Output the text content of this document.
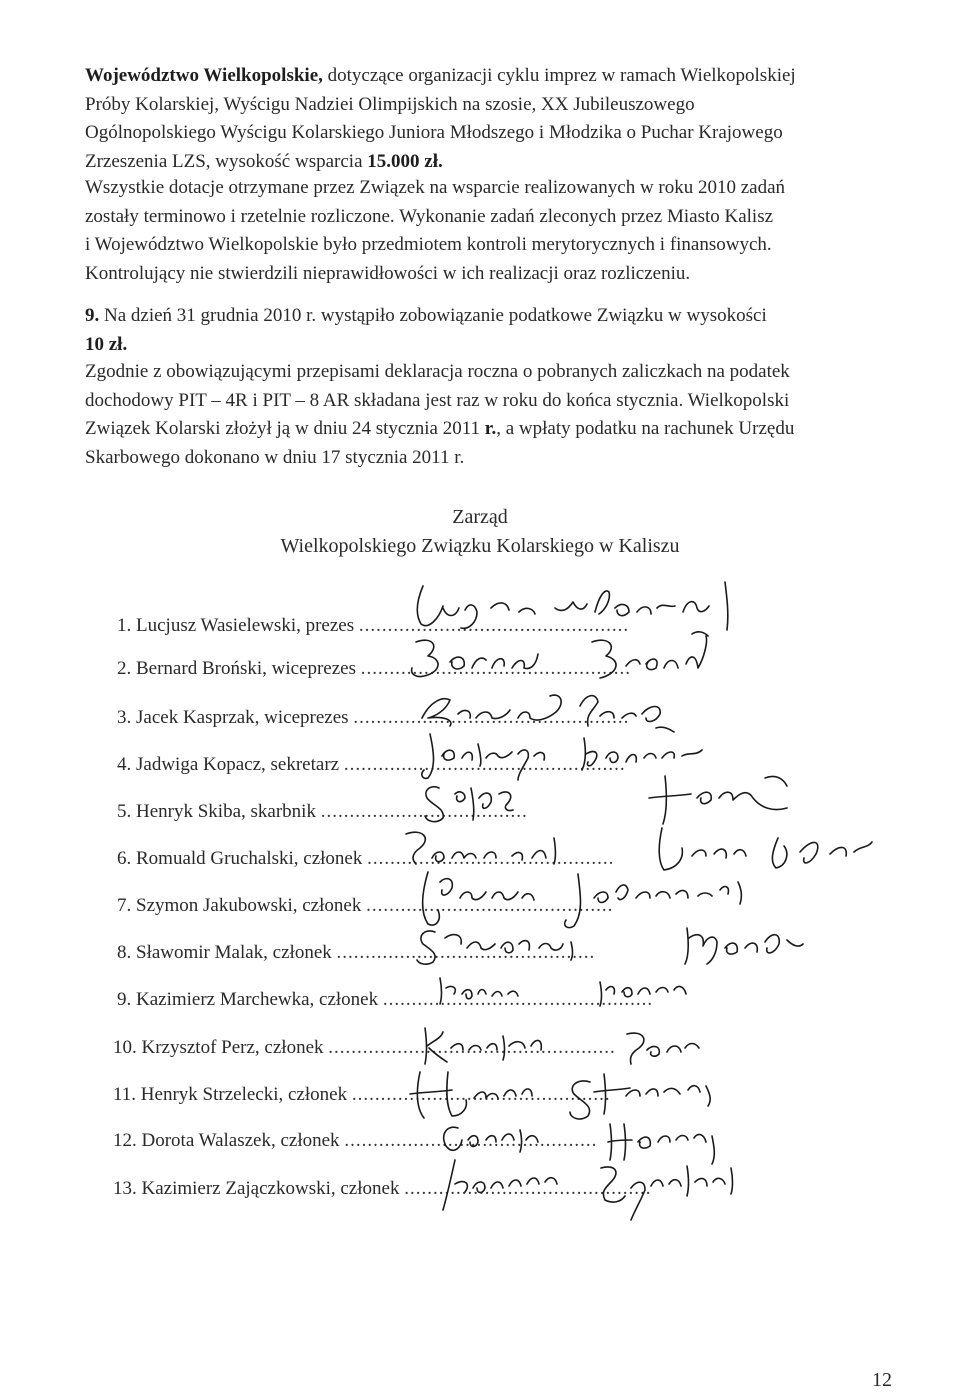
Województwo Wielkopolskie, dotyczące organizacji cyklu imprez w ramach Wielkopolskiej

Próby Kolarskiej, Wyścigu Nadziei Olimpijskich na szosie, XX Jubileuszowego

Ogólnopolskiego Wyścigu Kolarskiego Juniora Młodszego i Młodzika o Puchar Krajowego

Zrzeszenia LZS, wysokość wsparcia 15.000 zł.

Wszystkie dotacje otrzymane przez Związek na wsparcie realizowanych w roku 2010 zadań

zostały terminowo i rzetelnie rozliczone. Wykonanie zadań zleconych przez Miasto Kalisz

i Województwo Wielkopolskie było przedmiotem kontroli merytorycznych i finansowych.

Kontrolujący nie stwierdzili nieprawidłowości w ich realizacji oraz rozliczeniu.

9. Na dzień 31 grudnia 2010 r. wystąpiło zobowiązanie podatkowe Związku w wysokości

10 zł.

Zgodnie z obowiązującymi przepisami deklaracja roczna o pobranych zaliczkach na podatek

dochodowy PIT – 4R i PIT – 8 AR składana jest raz w roku do końca stycznia. Wielkopolski

Związek Kolarski złożył ją w dniu 24 stycznia 2011 r., a wpłaty podatku na rachunek Urzędu

Skarbowego dokonano w dniu 17 stycznia 2011 r.

Zarząd
Wielkopolskiego Związku Kolarskiego w Kaliszu
1. Lucjusz Wasielewski, prezes ...............................................
2. Bernard Broński, wiceprezes ...............................................
3. Jacek Kasprzak, wiceprezes ................................................
4. Jadwiga Kopacz, sekretarz .................................................
5. Henryk Skiba, skarbnik ....................................
6. Romuald Gruchalski, członek ...........................................
7. Szymon Jakubowski, członek ...........................................
8. Sławomir Malak, członek .............................................
9. Kazimierz Marchewka, członek ...............................................
10. Krzysztof Perz, członek ..................................................
11. Henryk Strzelecki, członek .............................................
12. Dorota Walaszek, członek ............................................
13. Kazimierz Zajączkowski, członek ...........................................
12
